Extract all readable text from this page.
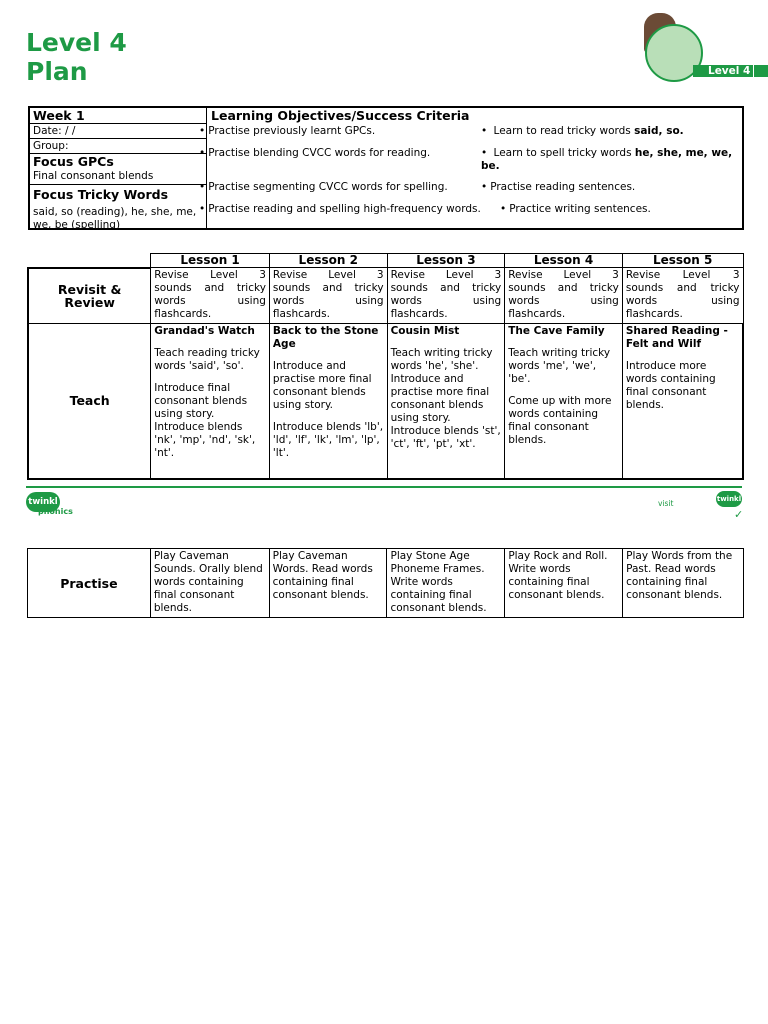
Level 4
Plan	Level 4
Week 1
Date: / /
Group:
Focus GPCs
Final consonant blends
Focus Tricky Words
said, so (reading), he, she, me, we, be (spelling)
Learning Objectives/Success Criteria
• Practise previously learnt GPCs.
• Practise blending CVCC words for reading.
• Practise segmenting CVCC words for spelling.
• Practise reading and spelling high-frequency words.
• Learn to read tricky words said, so.
• Learn to spell tricky words he, she, me, we, be.
• Practise reading sentences.
• Practice writing sentences.
	Lesson 1	Lesson 2	Lesson 3	Lesson 4	Lesson 5
Revisit & Review	Revise Level 3 sounds and tricky words using flashcards.	Revise Level 3 sounds and tricky words using flashcards.	Revise Level 3 sounds and tricky words using flashcards.	Revise Level 3 sounds and tricky words using flashcards.	Revise Level 3 sounds and tricky words using flashcards.
Teach	Grandad's Watch
Teach reading tricky words 'said', 'so'.
Introduce final consonant blends using story.
Introduce blends 'nk', 'mp', 'nd', 'sk', 'nt'.	Back to the Stone Age
Introduce and practise more final consonant blends using story.
Introduce blends 'lb', 'ld', 'lf', 'lk', 'lm', 'lp', 'lt'.	Cousin Mist
Teach writing tricky words 'he', 'she'.
Introduce and practise more final consonant blends using story.
Introduce blends 'st', 'ct', 'ft', 'pt', 'xt'.	The Cave Family
Teach writing tricky words 'me', 'we', 'be'.
Come up with more words containing final consonant blends.	Shared Reading - Felt and Wilf
Introduce more words containing final consonant blends.
twinkl
phonics
visit	twinkl
✓
Practise	Play Caveman Sounds. Orally blend words containing final consonant blends.	Play Caveman Words. Read words containing final consonant blends.	Play Stone Age Phoneme Frames. Write words containing final consonant blends.	Play Rock and Roll. Write words containing final consonant blends.	Play Words from the Past. Read words containing final consonant blends.
